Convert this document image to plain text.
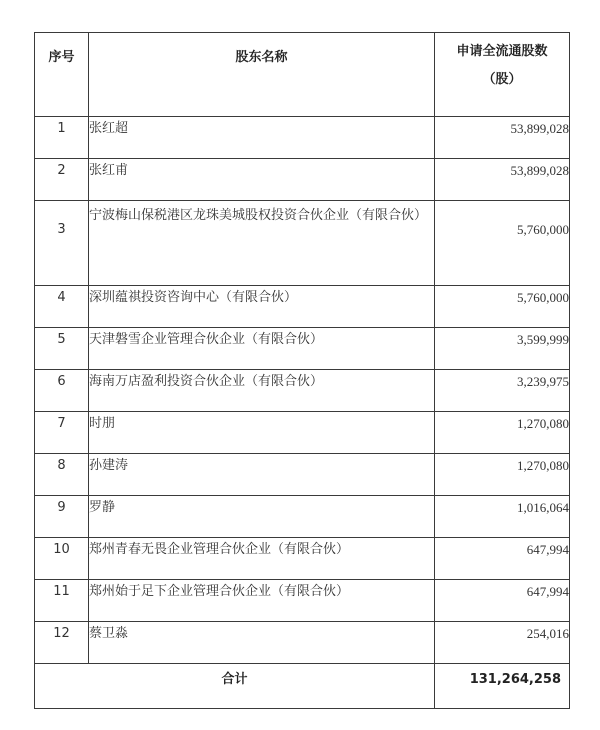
序号	股东名称	申请全流通股数
（股）

1	张红超	53,899,028
2	张红甫	53,899,028
3	宁波梅山保税港区龙珠美城股权投资合伙企业（有限合伙）	5,760,000
4	深圳蕴祺投资咨询中心（有限合伙）	5,760,000
5	天津磐雪企业管理合伙企业（有限合伙）	3,599,999
6	海南万店盈利投资合伙企业（有限合伙）	3,239,975
7	时朋	1,270,080
8	孙建涛	1,270,080
9	罗静	1,016,064
10	郑州青春无畏企业管理合伙企业（有限合伙）	647,994
11	郑州始于足下企业管理合伙企业（有限合伙）	647,994
12	蔡卫淼	254,016
合计		131,264,258
